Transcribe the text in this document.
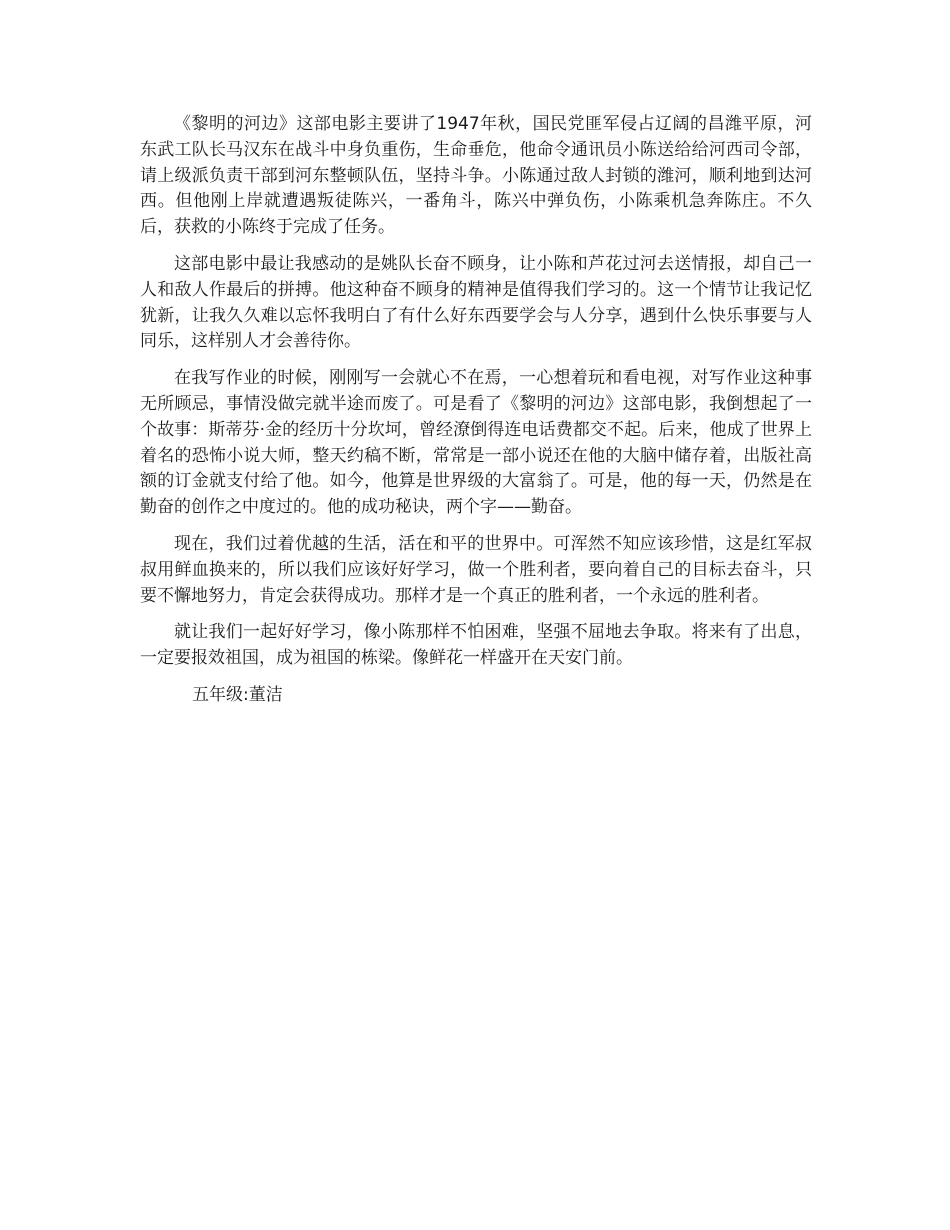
《黎明的河边》这部电影主要讲了1947年秋，国民党匪军侵占辽阔的昌潍平原，河东武工队长马汉东在战斗中身负重伤，生命垂危，他命令通讯员小陈送给给河西司令部，请上级派负责干部到河东整顿队伍，坚持斗争。小陈通过敌人封锁的潍河，顺利地到达河西。但他刚上岸就遭遇叛徒陈兴，一番角斗，陈兴中弹负伤，小陈乘机急奔陈庄。不久后，获救的小陈终于完成了任务。

这部电影中最让我感动的是姚队长奋不顾身，让小陈和芦花过河去送情报，却自己一人和敌人作最后的拼搏。他这种奋不顾身的精神是值得我们学习的。这一个情节让我记忆犹新，让我久久难以忘怀我明白了有什么好东西要学会与人分享，遇到什么快乐事要与人同乐，这样别人才会善待你。

在我写作业的时候，刚刚写一会就心不在焉，一心想着玩和看电视，对写作业这种事无所顾忌，事情没做完就半途而废了。可是看了《黎明的河边》这部电影，我倒想起了一个故事：斯蒂芬·金的经历十分坎坷，曾经潦倒得连电话费都交不起。后来，他成了世界上着名的恐怖小说大师，整天约稿不断，常常是一部小说还在他的大脑中储存着，出版社高额的订金就支付给了他。如今，他算是世界级的大富翁了。可是，他的每一天，仍然是在勤奋的创作之中度过的。他的成功秘诀，两个字——勤奋。

现在，我们过着优越的生活，活在和平的世界中。可浑然不知应该珍惜，这是红军叔叔用鲜血换来的，所以我们应该好好学习，做一个胜利者，要向着自己的目标去奋斗，只要不懈地努力，肯定会获得成功。那样才是一个真正的胜利者，一个永远的胜利者。

就让我们一起好好学习，像小陈那样不怕困难，坚强不屈地去争取。将来有了出息，一定要报效祖国，成为祖国的栋梁。像鲜花一样盛开在天安门前。

五年级:董洁
